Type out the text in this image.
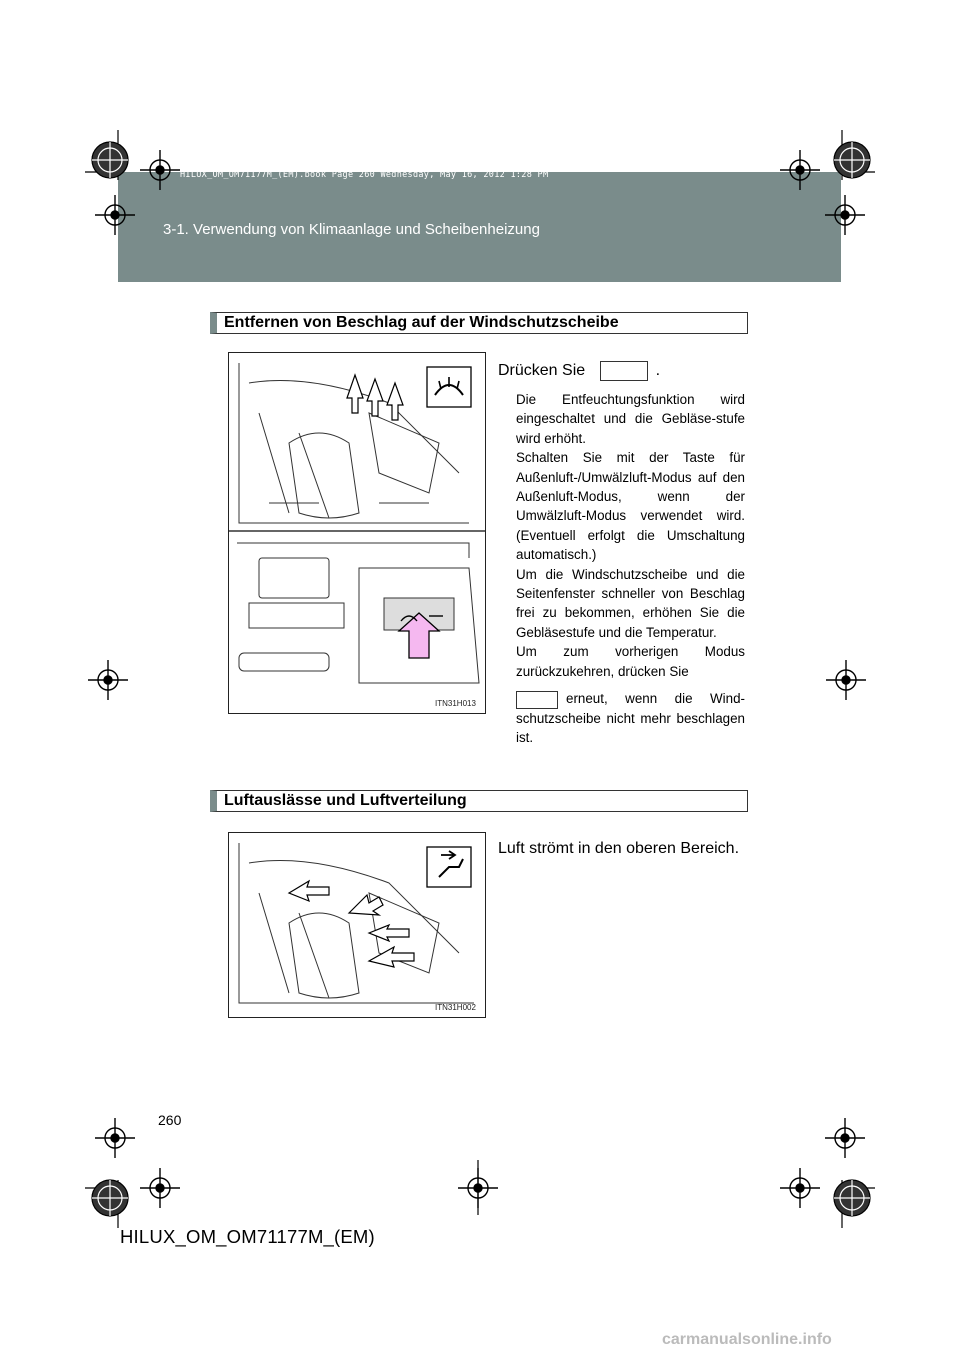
HILUX_OM_OM71177M_(EM).book Page 260 Wednesday, May 16, 2012 1:28 PM
3-1. Verwendung von Klimaanlage und Scheibenheizung
Entfernen von Beschlag auf der Windschutzscheibe
ITN31H013
Drücken Sie	.
Die Entfeuchtungsfunktion wird eingeschaltet und die Gebläse-stufe wird erhöht.
Schalten Sie mit der Taste für Außenluft-/Umwälzluft-Modus auf den Außenluft-Modus, wenn der Umwälzluft-Modus verwendet wird. (Eventuell erfolgt die Umschaltung automatisch.)
Um die Windschutzscheibe und die Seitenfenster schneller von Beschlag frei zu bekommen, erhöhen Sie die Gebläsestufe und die Temperatur.
Um zum vorherigen Modus zurückzukehren, drücken Sie
erneut, wenn die Wind-schutzscheibe nicht mehr beschlagen ist.
Luftauslässe und Luftverteilung
ITN31H002
Luft strömt in den oberen Bereich.
260
HILUX_OM_OM71177M_(EM)
carmanualsonline.info
